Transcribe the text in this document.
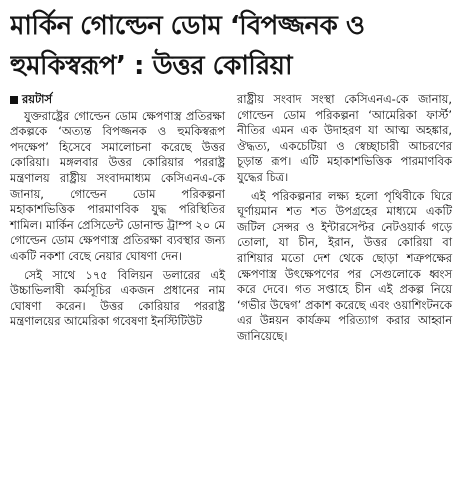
মার্কিন গোল্ডেন ডোম ‘বিপজ্জনক ও
হুমকিস্বরূপ’ : উত্তর কোরিয়া
রয়টার্স

যুক্তরাষ্ট্রের গোল্ডেন ডোম ক্ষেপণাস্ত্র প্রতিরক্ষা প্রকল্পকে ‘অত্যন্ত বিপজ্জনক ও হুমকিস্বরূপ পদক্ষেপ’ হিসেবে সমালোচনা করেছে উত্তর কোরিয়া। মঙ্গলবার উত্তর কোরিয়ার পররাষ্ট্র মন্ত্রণালয় রাষ্ট্রীয় সংবাদমাধ্যম কেসিএনএ-কে জানায়, গোল্ডেন ডোম পরিকল্পনা মহাকাশভিত্তিক পারমাণবিক যুদ্ধ পরিস্থিতির শামিল। মার্কিন প্রেসিডেন্ট ডোনাল্ড ট্রাম্প ২০ মে গোল্ডেন ডোম ক্ষেপণাস্ত্র প্রতিরক্ষা ব্যবস্থার জন্য একটি নকশা বেছে নেয়ার ঘোষণা দেন।

সেই সাথে ১৭৫ বিলিয়ন ডলারের এই উচ্চাভিলাষী কর্মসূচির একজন প্রধানের নাম ঘোষণা করেন। উত্তর কোরিয়ার পররাষ্ট্র মন্ত্রণালয়ের আমেরিকা গবেষণা ইনস্টিটিউট

রাষ্ট্রীয় সংবাদ সংস্থা কেসিএনএ-কে জানায়, গোল্ডেন ডোম পরিকল্পনা ‘আমেরিকা ফার্স্ট’ নীতির এমন এক উদাহরণ যা আত্ম অহঙ্কার, ঔদ্ধত্য, একচেটিয়া ও স্বেচ্ছাচারী আচরণের চূড়ান্ত রূপ। এটি মহাকাশভিত্তিক পারমাণবিক যুদ্ধের চিত্র।

এই পরিকল্পনার লক্ষ্য হলো পৃথিবীকে ঘিরে ঘূর্ণায়মান শত শত উপগ্রহের মাধ্যমে একটি জটিল সেন্সর ও ইন্টারসেপ্টর নেটওয়ার্ক গড়ে তোলা, যা চীন, ইরান, উত্তর কোরিয়া বা রাশিয়ার মতো দেশ থেকে ছোড়া শত্রুপক্ষের ক্ষেপণাস্ত্র উৎক্ষেপণের পর সেগুলোকে ধ্বংস করে দেবে। গত সপ্তাহে চীন এই প্রকল্প নিয়ে ‘গভীর উদ্বেগ’ প্রকাশ করেছে এবং ওয়াশিংটনকে এর উন্নয়ন কার্যক্রম পরিত্যাগ করার আহ্বান জানিয়েছে।
